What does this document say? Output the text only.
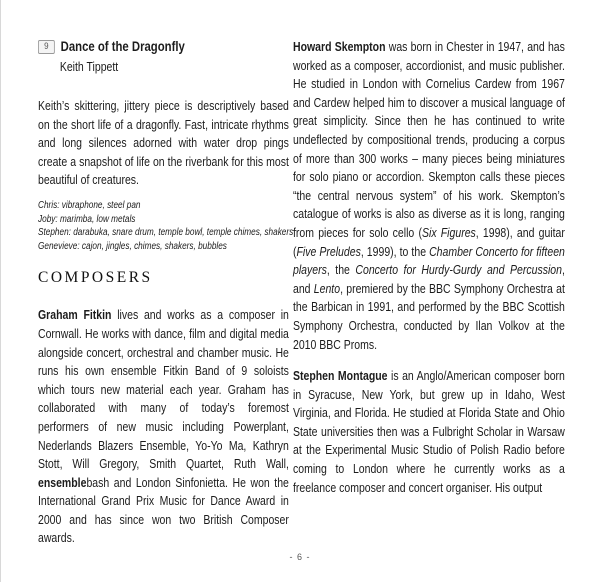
9 Dance of the Dragonfly
Keith Tippett

Keith’s skittering, jittery piece is descriptively based on the short life of a dragonfly. Fast, intricate rhythms and long silences adorned with water drop pings create a snapshot of life on the riverbank for this most beautiful of creatures.

Chris: vibraphone, steel pan
Joby: marimba, low metals
Stephen: darabuka, snare drum, temple bowl, temple chimes, shakers
Genevieve: cajon, jingles, chimes, shakers, bubbles
COMPOSERS
Graham Fitkin lives and works as a composer in Cornwall. He works with dance, film and digital media alongside concert, orchestral and chamber music. He runs his own ensemble Fitkin Band of 9 soloists which tours new material each year. Graham has collaborated with many of today’s foremost performers of new music including Powerplant, Nederlands Blazers Ensemble, Yo-Yo Ma, Kathryn Stott, Will Gregory, Smith Quartet, Ruth Wall, ensemblebash and London Sinfonietta. He won the International Grand Prix Music for Dance Award in 2000 and has since won two British Composer awards.
Howard Skempton was born in Chester in 1947, and has worked as a composer, accordionist, and music publisher. He studied in London with Cornelius Cardew from 1967 and Cardew helped him to discover a musical language of great simplicity. Since then he has continued to write undeflected by compositional trends, producing a corpus of more than 300 works – many pieces being miniatures for solo piano or accordion. Skempton calls these pieces “the central nervous system” of his work. Skempton’s catalogue of works is also as diverse as it is long, ranging from pieces for solo cello (Six Figures, 1998), and guitar (Five Preludes, 1999), to the Chamber Concerto for fifteen players, the Concerto for Hurdy-Gurdy and Percussion, and Lento, premiered by the BBC Symphony Orchestra at the Barbican in 1991, and performed by the BBC Scottish Symphony Orchestra, conducted by Ilan Volkov at the 2010 BBC Proms.
Stephen Montague is an Anglo/American composer born in Syracuse, New York, but grew up in Idaho, West Virginia, and Florida. He studied at Florida State and Ohio State universities then was a Fulbright Scholar in Warsaw at the Experimental Music Studio of Polish Radio before coming to London where he currently works as a freelance composer and concert organiser. His output
- 6 -
